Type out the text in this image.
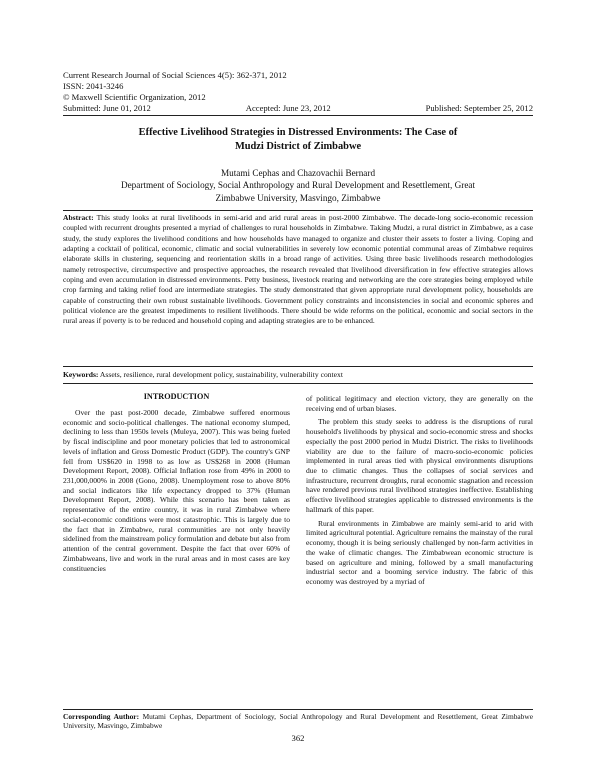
Current Research Journal of Social Sciences 4(5): 362-371, 2012
ISSN: 2041-3246
© Maxwell Scientific Organization, 2012
Submitted: June 01, 2012	Accepted: June 23, 2012	Published: September 25, 2012
Effective Livelihood Strategies in Distressed Environments: The Case of
Mudzi District of Zimbabwe
Mutami Cephas and Chazovachii Bernard
Department of Sociology, Social Anthropology and Rural Development and Resettlement, Great
Zimbabwe University, Masvingo, Zimbabwe
Abstract: This study looks at rural livelihoods in semi-arid and arid rural areas in post-2000 Zimbabwe. The decade-long socio-economic recession coupled with recurrent droughts presented a myriad of challenges to rural households in Zimbabwe. Taking Mudzi, a rural district in Zimbabwe, as a case study, the study explores the livelihood conditions and how households have managed to organize and cluster their assets to foster a living. Coping and adapting a cocktail of political, economic, climatic and social vulnerabilities in severely low economic potential communal areas of Zimbabwe requires elaborate skills in clustering, sequencing and reorientation skills in a broad range of activities. Using three basic livelihoods research methodologies namely retrospective, circumspective and prospective approaches, the research revealed that livelihood diversification in few effective strategies allows coping and even accumulation in distressed environments. Petty business, livestock rearing and networking are the core strategies being employed while crop farming and taking relief food are intermediate strategies. The study demonstrated that given appropriate rural development policy, households are capable of constructing their own robust sustainable livelihoods. Government policy constraints and inconsistencies in social and economic spheres and political violence are the greatest impediments to resilient livelihoods. There should be wide reforms on the political, economic and social sectors in the rural areas if poverty is to be reduced and household coping and adapting strategies are to be enhanced.
Keywords: Assets, resilience, rural development policy, sustainability, vulnerability context
INTRODUCTION

Over the past post-2000 decade, Zimbabwe suffered enormous economic and socio-political challenges. The national economy slumped, declining to less than 1950s levels (Muleya, 2007). This was being fueled by fiscal indiscipline and poor monetary policies that led to astronomical levels of inflation and Gross Domestic Product (GDP). The country's GNP fell from US$620 in 1998 to as low as US$268 in 2008 (Human Development Report, 2008). Official Inflation rose from 49% in 2000 to 231,000,000% in 2008 (Gono, 2008). Unemployment rose to above 80% and social indicators like life expectancy dropped to 37% (Human Development Report, 2008). While this scenario has been taken as representative of the entire country, it was in rural Zimbabwe where social-economic conditions were most catastrophic. This is largely due to the fact that in Zimbabwe, rural communities are not only heavily sidelined from the mainstream policy formulation and debate but also from attention of the central government. Despite the fact that over 60% of Zimbabweans, live and work in the rural areas and in most cases are key constituencies

of political legitimacy and election victory, they are generally on the receiving end of urban biases.

The problem this study seeks to address is the disruptions of rural household's livelihoods by physical and socio-economic stress and shocks especially the post 2000 period in Mudzi District. The risks to livelihoods viability are due to the failure of macro-socio-economic policies implemented in rural areas tied with physical environments disruptions due to climatic changes. Thus the collapses of social services and infrastructure, recurrent droughts, rural economic stagnation and recession have rendered previous rural livelihood strategies ineffective. Establishing effective livelihood strategies applicable to distressed environments is the hallmark of this paper.

Rural environments in Zimbabwe are mainly semi-arid to arid with limited agricultural potential. Agriculture remains the mainstay of the rural economy, though it is being seriously challenged by non-farm activities in the wake of climatic changes. The Zimbabwean economic structure is based on agriculture and mining, followed by a small manufacturing industrial sector and a booming service industry. The fabric of this economy was destroyed by a myriad of

Corresponding Author: Mutami Cephas, Department of Sociology, Social Anthropology and Rural Development and Resettlement, Great Zimbabwe University, Masvingo, Zimbabwe
362
